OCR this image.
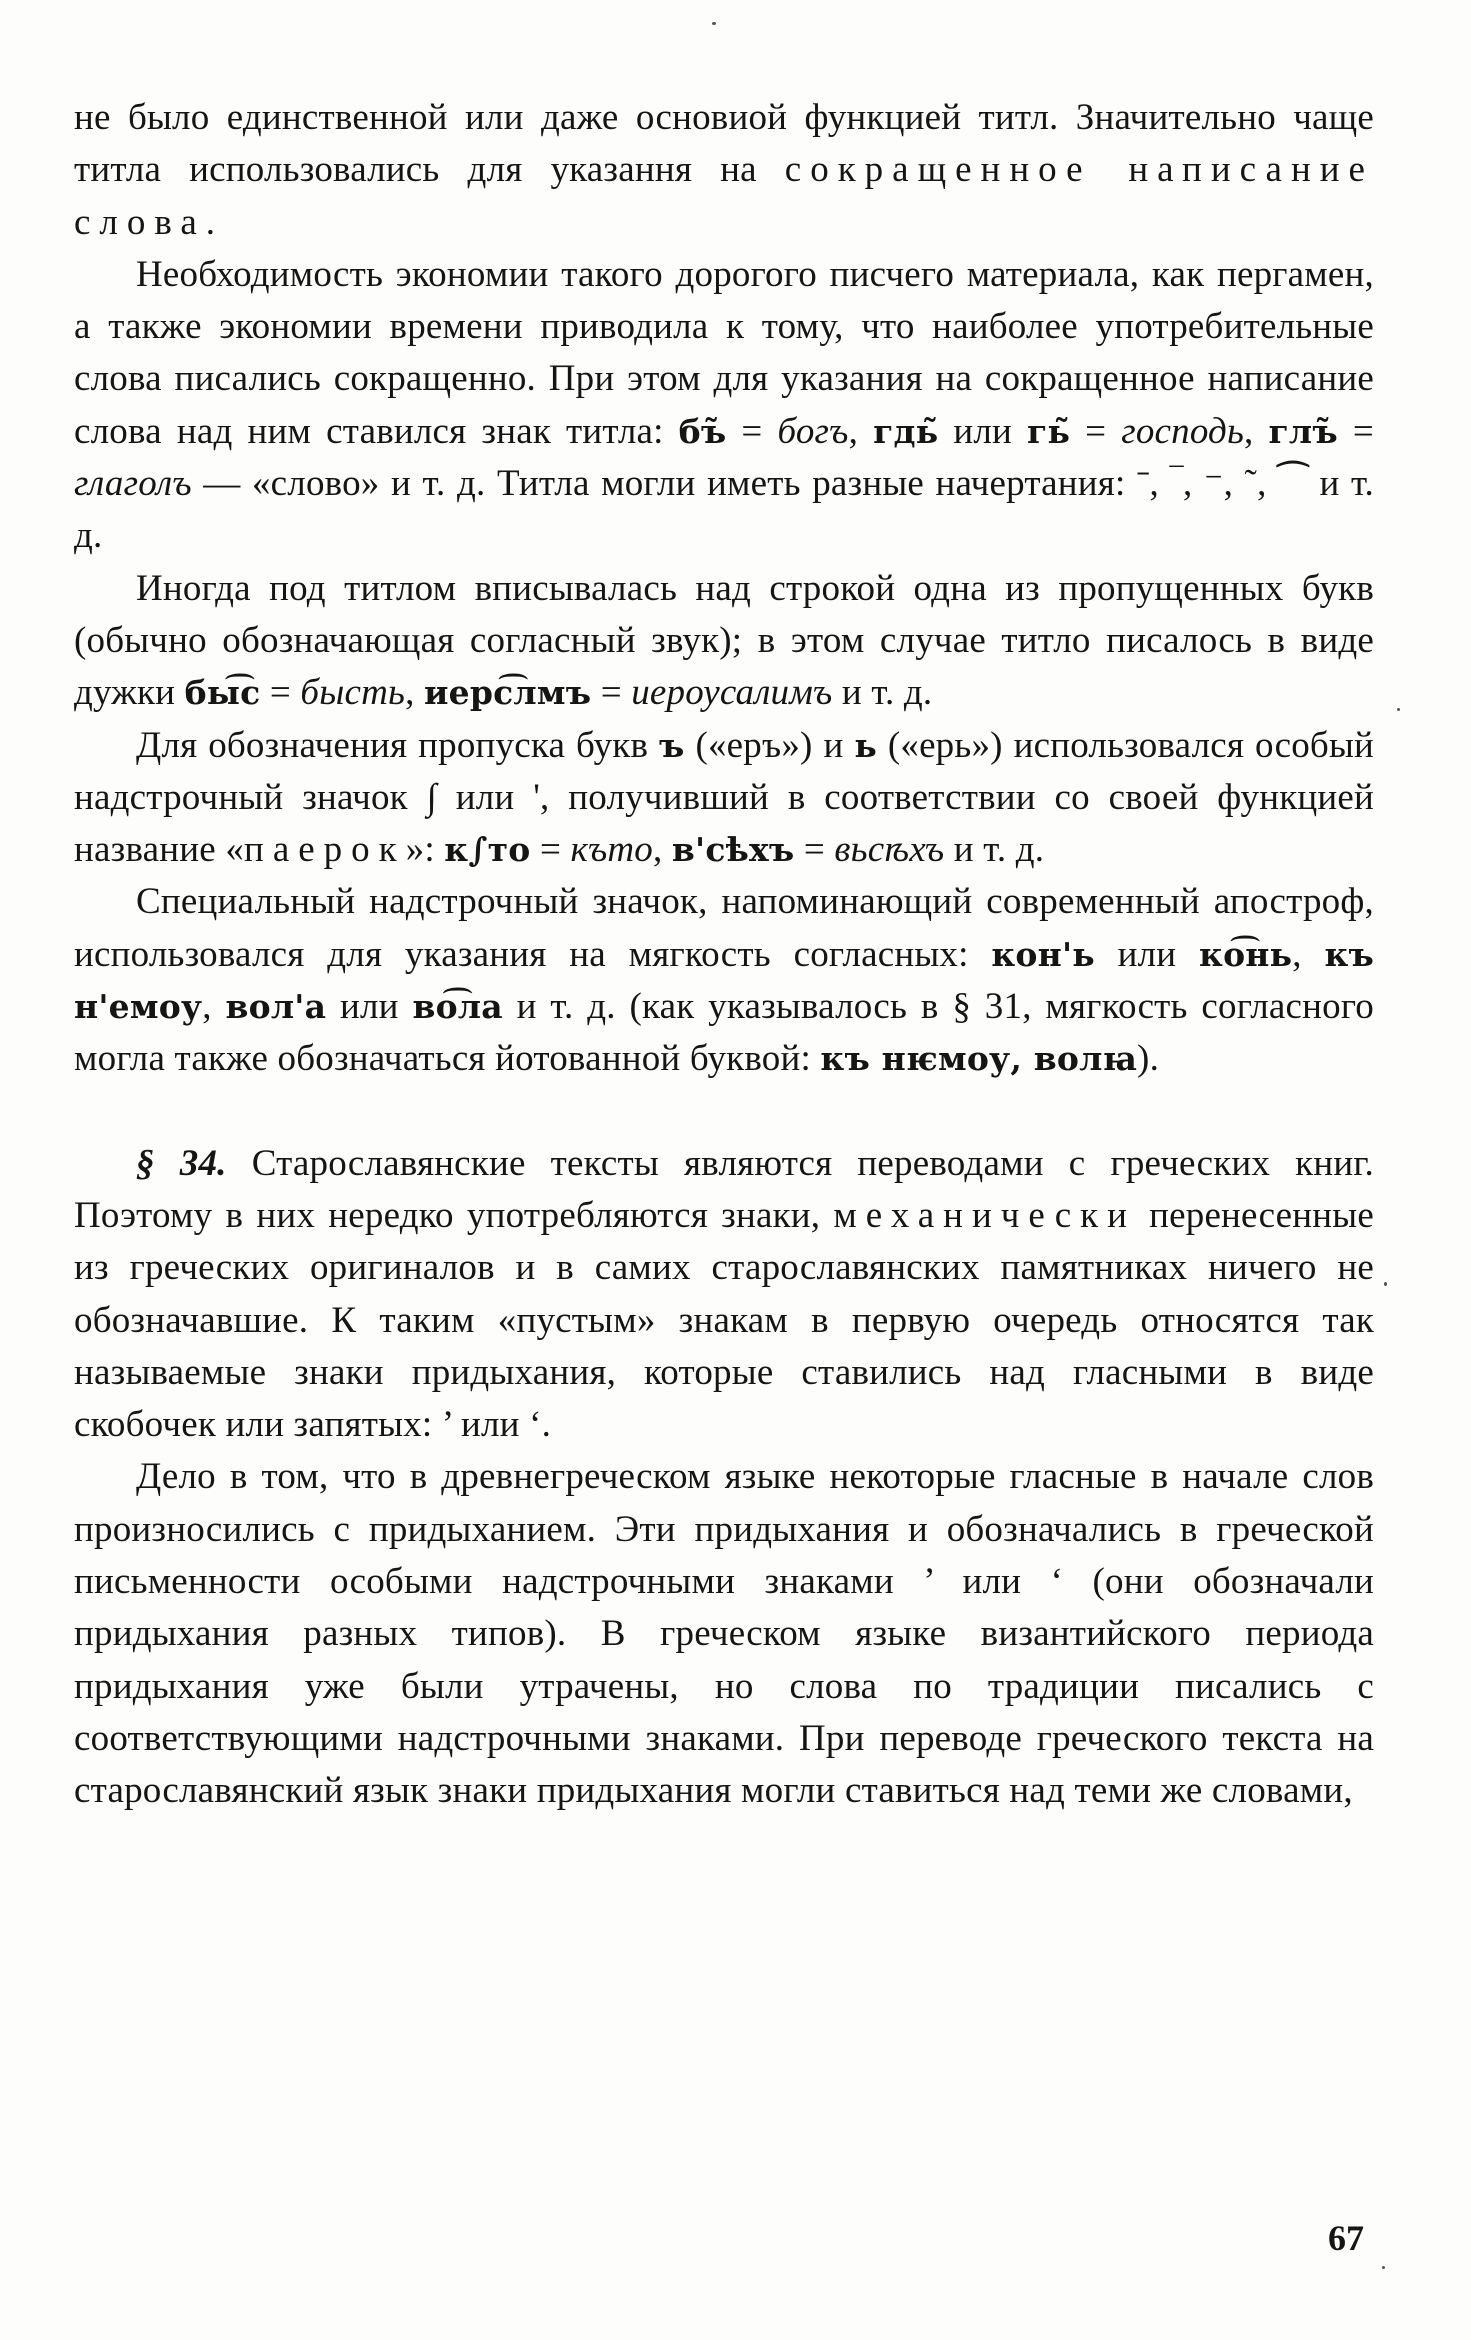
не было единственной или даже основиой функцией титл. Значительно чаще титла использовались для указання на сокращенное написание слова.

Необходимость экономии такого дорогого писчего материала, как пергамен, а также экономии времени приводила к тому, что наиболее употребительные слова писались сокращенно. При этом для указания на сокращенное написание слова над ним ставился знак титла: бъ̃ = богъ, гдь̃ или гь̃ = господь, глъ̃ = глаголъ — «слово» и т. д. Титла могли иметь разные начертания: ˉ, ‾, ⁻, ˜, ⁀ и т. д.

Иногда под титлом вписывалась над строкой одна из пропущенных букв (обычно обозначающая согласный звук); в этом случае титло писалось в виде дужки бы͡с = бысть, иерс͡лмъ = иероусалимъ и т. д.

Для обозначения пропуска букв ъ («еръ») и ь («ерь») использовался особый надстрочный значок ∫ или ', получивший в соответствии со своей функцией название «паерок»: к∫то = къто, в'сѣхъ = вьсѣхъ и т. д.

Специальный надстрочный значок, напоминающий современный апостроф, использовался для указания на мягкость согласных: кон'ь или ко͡нь, къ н'емоу, вол'а или во͡ла и т. д. (как указывалось в § 31, мягкость согласного могла также обозначаться йотованной буквой: къ нѥмоу, волꙗ).

§ 34. Старославянские тексты являются переводами с греческих книг. Поэтому в них нередко употребляются знаки, механически перенесенные из греческих оригиналов и в самих старославянских памятниках ничего не обозначавшие. К таким «пустым» знакам в первую очередь относятся так называемые знаки придыхания, которые ставились над гласными в виде скобочек или запятых: ’ или ‘.

Дело в том, что в древнегреческом языке некоторые гласные в начале слов произносились с придыханием. Эти придыхания и обозначались в греческой письменности особыми надстрочными знаками ’ или ‘ (они обозначали придыхания разных типов). В греческом языке византийского периода придыхания уже были утрачены, но слова по традиции писались с соответствующими надстрочными знаками. При переводе греческого текста на старославянский язык знаки придыхания могли ставиться над теми же словами,

67
